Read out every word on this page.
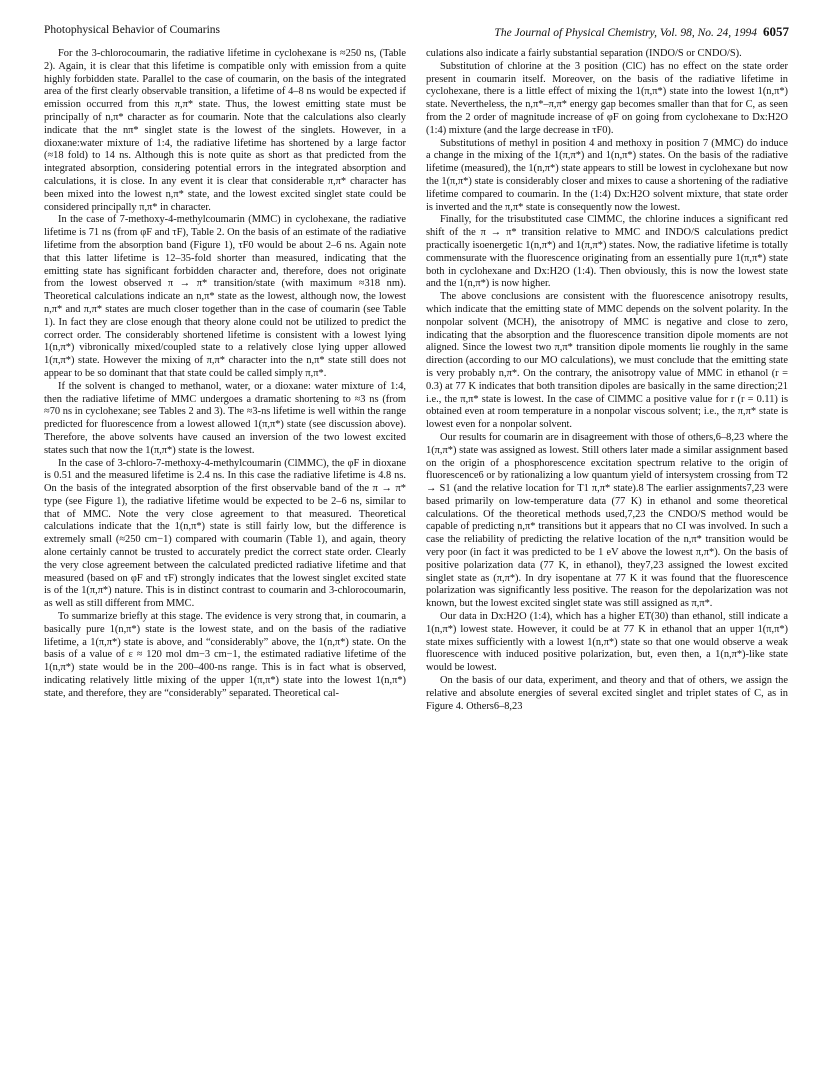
Photophysical Behavior of Coumarins	The Journal of Physical Chemistry, Vol. 98, No. 24, 1994 6057

For the 3-chlorocoumarin, the radiative lifetime in cyclohexane is ≈250 ns, (Table 2). Again, it is clear that this lifetime is compatible only with emission from a quite highly forbidden state. Parallel to the case of coumarin, on the basis of the integrated area of the first clearly observable transition, a lifetime of 4–8 ns would be expected if emission occurred from this π,π* state. Thus, the lowest emitting state must be principally of n,π* character as for coumarin. Note that the calculations also clearly indicate that the nπ* singlet state is the lowest of the singlets. However, in a dioxane:water mixture of 1:4, the radiative lifetime has shortened by a large factor (≈18 fold) to 14 ns. Although this is note quite as short as that predicted from the integrated absorption, considering potential errors in the integrated absorption and calculations, it is close. In any event it is clear that considerable π,π* character has been mixed into the lowest n,π* state, and the lowest excited singlet state could be considered principally π,π* in character.

In the case of 7-methoxy-4-methylcoumarin (MMC) in cyclohexane, the radiative lifetime is 71 ns (from φF and τF), Table 2. On the basis of an estimate of the radiative lifetime from the absorption band (Figure 1), τF0 would be about 2–6 ns. Again note that this latter lifetime is 12–35-fold shorter than measured, indicating that the emitting state has significant forbidden character and, therefore, does not originate from the lowest observed π → π* transition/state (with maximum ≈318 nm). Theoretical calculations indicate an n,π* state as the lowest, although now, the lowest n,π* and π,π* states are much closer together than in the case of coumarin (see Table 1). In fact they are close enough that theory alone could not be utilized to predict the correct order. The considerably shortened lifetime is consistent with a lowest lying 1(n,π*) vibronically mixed/coupled state to a relatively close lying upper allowed 1(π,π*) state. However the mixing of π,π* character into the n,π* state still does not appear to be so dominant that that state could be called simply π,π*.

If the solvent is changed to methanol, water, or a dioxane: water mixture of 1:4, then the radiative lifetime of MMC undergoes a dramatic shortening to ≈3 ns (from ≈70 ns in cyclohexane; see Tables 2 and 3). The ≈3-ns lifetime is well within the range predicted for fluorescence from a lowest allowed 1(π,π*) state (see discussion above). Therefore, the above solvents have caused an inversion of the two lowest excited states such that now the 1(π,π*) state is the lowest.

In the case of 3-chloro-7-methoxy-4-methylcoumarin (ClMMC), the φF in dioxane is 0.51 and the measured lifetime is 2.4 ns. In this case the radiative lifetime is 4.8 ns. On the basis of the integrated absorption of the first observable band of the π → π* type (see Figure 1), the radiative lifetime would be expected to be 2–6 ns, similar to that of MMC. Note the very close agreement to that measured. Theoretical calculations indicate that the 1(n,π*) state is still fairly low, but the difference is extremely small (≈250 cm−1) compared with coumarin (Table 1), and again, theory alone certainly cannot be trusted to accurately predict the correct state order. Clearly the very close agreement between the calculated predicted radiative lifetime and that measured (based on φF and τF) strongly indicates that the lowest singlet excited state is of the 1(π,π*) nature. This is in distinct contrast to coumarin and 3-chlorocoumarin, as well as still different from MMC.

To summarize briefly at this stage. The evidence is very strong that, in coumarin, a basically pure 1(n,π*) state is the lowest state, and on the basis of the radiative lifetime, a 1(π,π*) state is above, and “considerably” above, the 1(n,π*) state. On the basis of a value of ε ≈ 120 mol dm−3 cm−1, the estimated radiative lifetime of the 1(n,π*) state would be in the 200–400-ns range. This is in fact what is observed, indicating relatively little mixing of the upper 1(π,π*) state into the lowest 1(n,π*) state, and therefore, they are “considerably” separated. Theoretical cal-

culations also indicate a fairly substantial separation (INDO/S or CNDO/S).

Substitution of chlorine at the 3 position (ClC) has no effect on the state order present in coumarin itself. Moreover, on the basis of the radiative lifetime in cyclohexane, there is a little effect of mixing the 1(π,π*) state into the lowest 1(n,π*) state. Nevertheless, the n,π*–π,π* energy gap becomes smaller than that for C, as seen from the 2 order of magnitude increase of φF on going from cyclohexane to Dx:H2O (1:4) mixture (and the large decrease in τF0).

Substitutions of methyl in position 4 and methoxy in position 7 (MMC) do induce a change in the mixing of the 1(π,π*) and 1(n,π*) states. On the basis of the radiative lifetime (measured), the 1(n,π*) state appears to still be lowest in cyclohexane but now the 1(π,π*) state is considerably closer and mixes to cause a shortening of the radiative lifetime compared to coumarin. In the (1:4) Dx:H2O solvent mixture, that state order is inverted and the π,π* state is consequently now the lowest.

Finally, for the trisubstituted case ClMMC, the chlorine induces a significant red shift of the π → π* transition relative to MMC and INDO/S calculations predict practically isoenergetic 1(n,π*) and 1(π,π*) states. Now, the radiative lifetime is totally commensurate with the fluorescence originating from an essentially pure 1(π,π*) state both in cyclohexane and Dx:H2O (1:4). Then obviously, this is now the lowest state and the 1(n,π*) is now higher.

The above conclusions are consistent with the fluorescence anisotropy results, which indicate that the emitting state of MMC depends on the solvent polarity. In the nonpolar solvent (MCH), the anisotropy of MMC is negative and close to zero, indicating that the absorption and the fluorescence transition dipole moments are not aligned. Since the lowest two π,π* transition dipole moments lie roughly in the same direction (according to our MO calculations), we must conclude that the emitting state is very probably n,π*. On the contrary, the anisotropy value of MMC in ethanol (r = 0.3) at 77 K indicates that both transition dipoles are basically in the same direction;21 i.e., the π,π* state is lowest. In the case of ClMMC a positive value for r (r = 0.11) is obtained even at room temperature in a nonpolar viscous solvent; i.e., the π,π* state is lowest even for a nonpolar solvent.

Our results for coumarin are in disagreement with those of others,6–8,23 where the 1(π,π*) state was assigned as lowest. Still others later made a similar assignment based on the origin of a phosphorescence excitation spectrum relative to the origin of fluorescence6 or by rationalizing a low quantum yield of intersystem crossing from T2 → S1 (and the relative location for T1 π,π* state).8 The earlier assignments7,23 were based primarily on low-temperature data (77 K) in ethanol and some theoretical calculations. Of the theoretical methods used,7,23 the CNDO/S method would be capable of predicting n,π* transitions but it appears that no CI was involved. In such a case the reliability of predicting the relative location of the n,π* transition would be very poor (in fact it was predicted to be 1 eV above the lowest π,π*). On the basis of positive polarization data (77 K, in ethanol), they7,23 assigned the lowest excited singlet state as (π,π*). In dry isopentane at 77 K it was found that the fluorescence polarization was significantly less positive. The reason for the depolarization was not known, but the lowest excited singlet state was still assigned as π,π*.

Our data in Dx:H2O (1:4), which has a higher ET(30) than ethanol, still indicate a 1(n,π*) lowest state. However, it could be at 77 K in ethanol that an upper 1(π,π*) state mixes sufficiently with a lowest 1(n,π*) state so that one would observe a weak fluorescence with induced positive polarization, but, even then, a 1(n,π*)-like state would be lowest.

On the basis of our data, experiment, and theory and that of others, we assign the relative and absolute energies of several excited singlet and triplet states of C, as in Figure 4. Others6–8,23
